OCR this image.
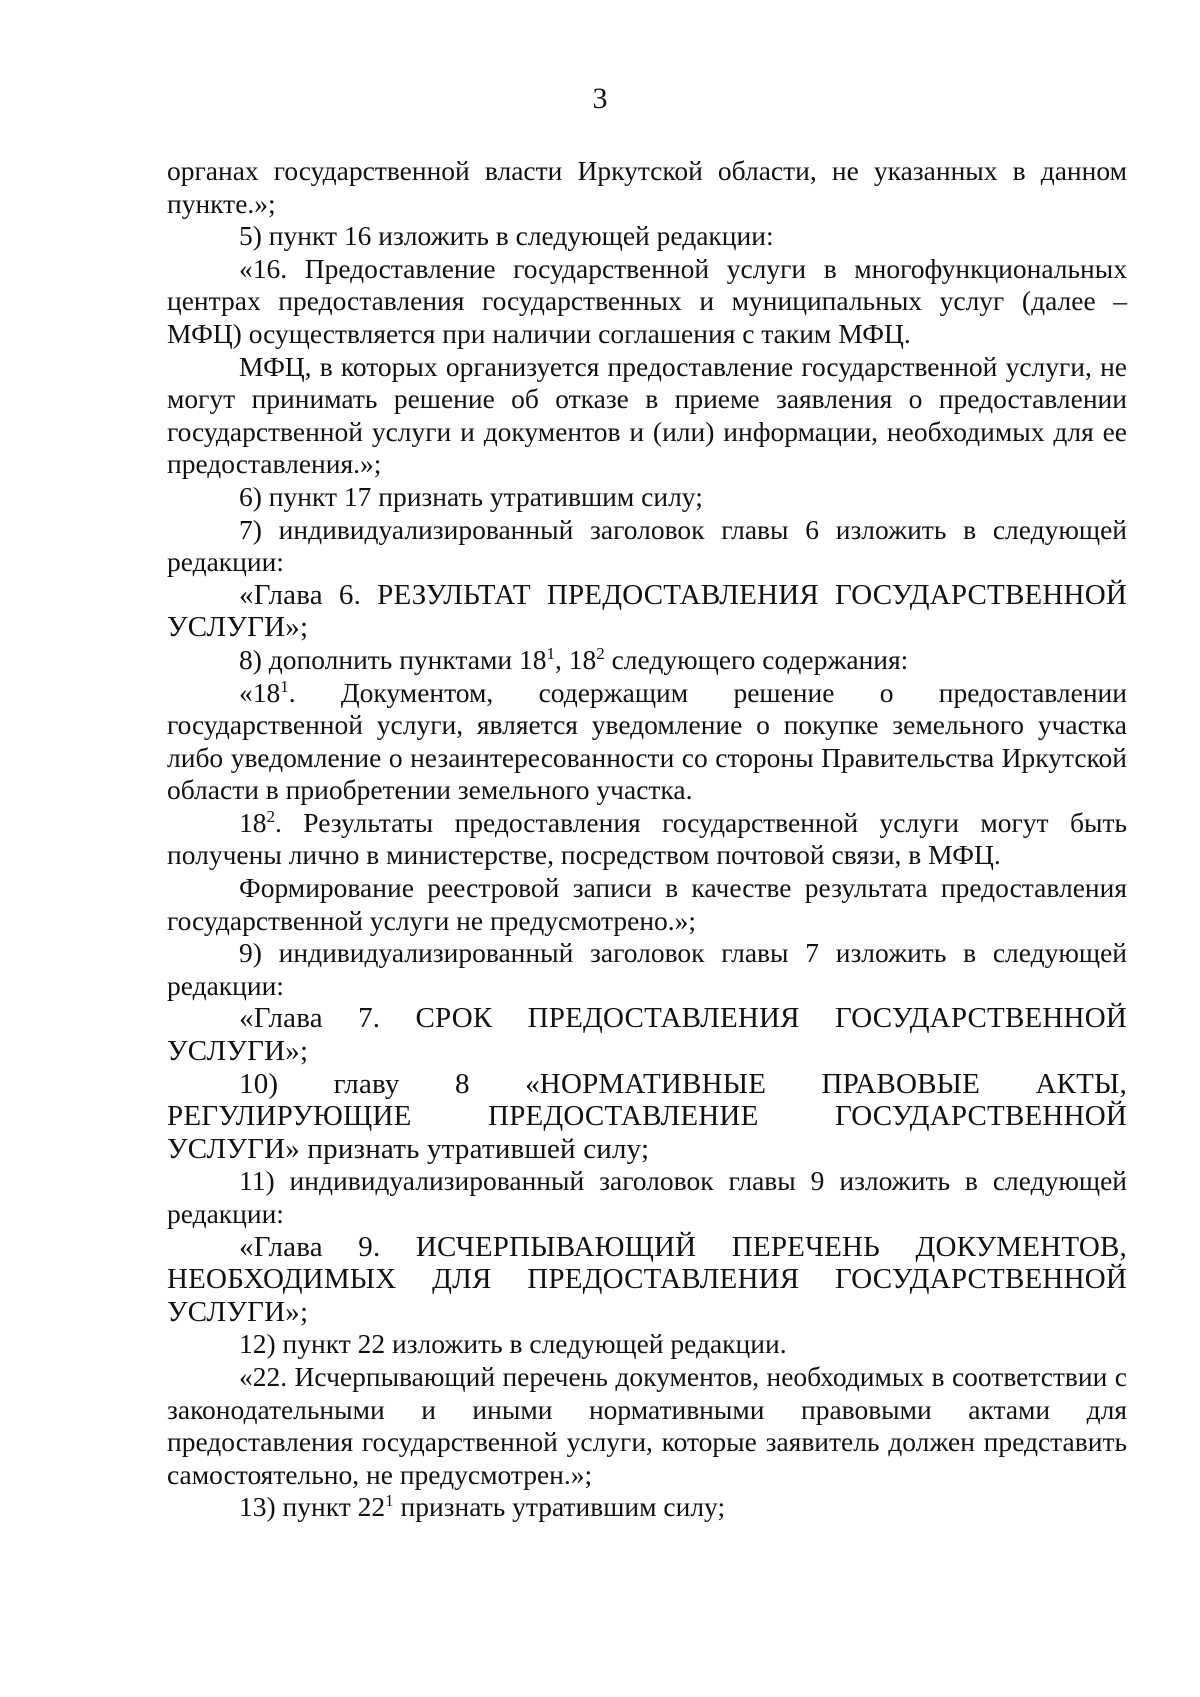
3

органах государственной власти Иркутской области, не указанных в данном пункте.»;

5) пункт 16 изложить в следующей редакции:

«16. Предоставление государственной услуги в многофункциональных центрах предоставления государственных и муниципальных услуг (далее – МФЦ) осуществляется при наличии соглашения с таким МФЦ.

МФЦ, в которых организуется предоставление государственной услуги, не могут принимать решение об отказе в приеме заявления о предоставлении государственной услуги и документов и (или) информации, необходимых для ее предоставления.»;

6) пункт 17 признать утратившим силу;

7) индивидуализированный заголовок главы 6 изложить в следующей редакции:

«Глава 6. РЕЗУЛЬТАТ ПРЕДОСТАВЛЕНИЯ ГОСУДАРСТВЕННОЙ УСЛУГИ»;

8) дополнить пунктами $18^1$, $18^2$ следующего содержания:

«$18^1$. Документом, содержащим решение о предоставлении государственной услуги, является уведомление о покупке земельного участка либо уведомление о незаинтересованности со стороны Правительства Иркутской области в приобретении земельного участка.

$18^2$. Результаты предоставления государственной услуги могут быть получены лично в министерстве, посредством почтовой связи, в МФЦ.

Формирование реестровой записи в качестве результата предоставления государственной услуги не предусмотрено.»;

9) индивидуализированный заголовок главы 7 изложить в следующей редакции:

«Глава 7. СРОК ПРЕДОСТАВЛЕНИЯ ГОСУДАРСТВЕННОЙ УСЛУГИ»;

10) главу 8 «НОРМАТИВНЫЕ ПРАВОВЫЕ АКТЫ, РЕГУЛИРУЮЩИЕ ПРЕДОСТАВЛЕНИЕ ГОСУДАРСТВЕННОЙ УСЛУГИ» признать утратившей силу;

11) индивидуализированный заголовок главы 9 изложить в следующей редакции:

«Глава 9. ИСЧЕРПЫВАЮЩИЙ ПЕРЕЧЕНЬ ДОКУМЕНТОВ, НЕОБХОДИМЫХ ДЛЯ ПРЕДОСТАВЛЕНИЯ ГОСУДАРСТВЕННОЙ УСЛУГИ»;

12) пункт 22 изложить в следующей редакции.

«22. Исчерпывающий перечень документов, необходимых в соответствии с законодательными и иными нормативными правовыми актами для предоставления государственной услуги, которые заявитель должен представить самостоятельно, не предусмотрен.»;

13) пункт $22^1$ признать утратившим силу;
